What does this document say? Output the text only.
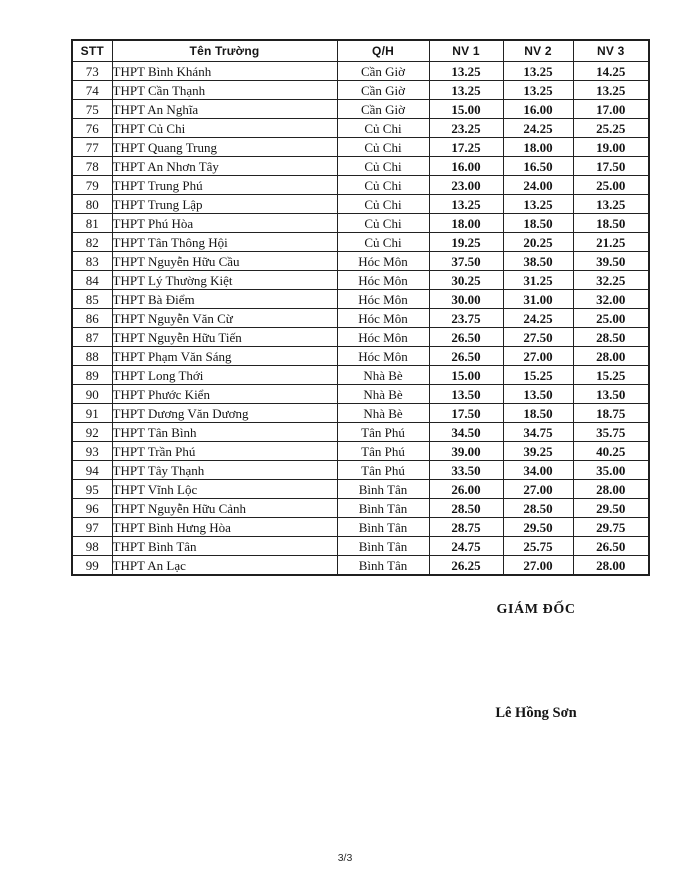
STT	Tên Trường	Q/H	NV 1	NV 2	NV 3
73	THPT Bình Khánh	Cần Giờ	13.25	13.25	14.25
74	THPT Cần Thạnh	Cần Giờ	13.25	13.25	13.25
75	THPT An Nghĩa	Cần Giờ	15.00	16.00	17.00
76	THPT Củ Chi	Củ Chi	23.25	24.25	25.25
77	THPT Quang Trung	Củ Chi	17.25	18.00	19.00
78	THPT An Nhơn Tây	Củ Chi	16.00	16.50	17.50
79	THPT Trung Phú	Củ Chi	23.00	24.00	25.00
80	THPT Trung Lập	Củ Chi	13.25	13.25	13.25
81	THPT Phú Hòa	Củ Chi	18.00	18.50	18.50
82	THPT Tân Thông Hội	Củ Chi	19.25	20.25	21.25
83	THPT Nguyễn Hữu Cầu	Hóc Môn	37.50	38.50	39.50
84	THPT Lý Thường Kiệt	Hóc Môn	30.25	31.25	32.25
85	THPT Bà Điểm	Hóc Môn	30.00	31.00	32.00
86	THPT Nguyễn Văn Cừ	Hóc Môn	23.75	24.25	25.00
87	THPT Nguyễn Hữu Tiến	Hóc Môn	26.50	27.50	28.50
88	THPT Phạm Văn Sáng	Hóc Môn	26.50	27.00	28.00
89	THPT Long Thới	Nhà Bè	15.00	15.25	15.25
90	THPT Phước Kiển	Nhà Bè	13.50	13.50	13.50
91	THPT Dương Văn Dương	Nhà Bè	17.50	18.50	18.75
92	THPT Tân Bình	Tân Phú	34.50	34.75	35.75
93	THPT Trần Phú	Tân Phú	39.00	39.25	40.25
94	THPT Tây Thạnh	Tân Phú	33.50	34.00	35.00
95	THPT Vĩnh Lộc	Bình Tân	26.00	27.00	28.00
96	THPT Nguyễn Hữu Cảnh	Bình Tân	28.50	28.50	29.50
97	THPT Bình Hưng Hòa	Bình Tân	28.75	29.50	29.75
98	THPT Bình Tân	Bình Tân	24.75	25.75	26.50
99	THPT An Lạc	Bình Tân	26.25	27.00	28.00
GIÁM ĐỐC
Lê Hồng Sơn
3/3
